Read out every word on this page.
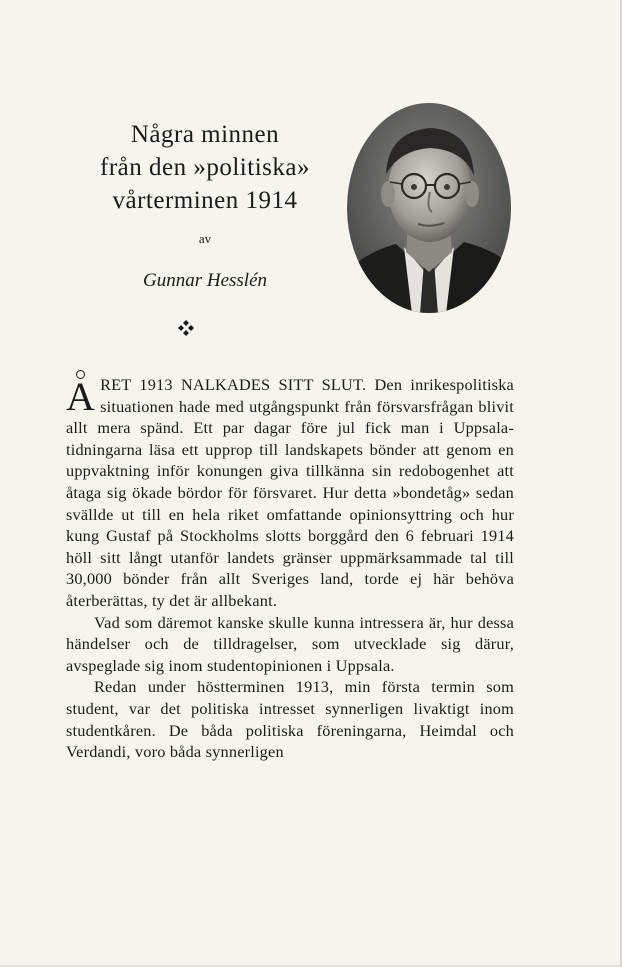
Några minnen
från den »politiska»
vårterminen 1914
av
Gunnar Hesslén

ARET 1913 NALKADES SITT SLUT. Den inrikespolitiska situationen hade med utgångspunkt från försvarsfrågan blivit allt mera spänd. Ett par dagar före jul fick man i Uppsala-tidningarna läsa ett upprop till landskapets bönder att genom en uppvaktning inför konungen giva tillkänna sin redobogenhet att åtaga sig ökade bördor för försvaret. Hur detta »bondetåg» sedan svällde ut till en hela riket omfattande opinionsyttring och hur kung Gustaf på Stockholms slotts borggård den 6 februari 1914 höll sitt långt utanför landets gränser uppmärksammade tal till 30,000 bönder från allt Sveriges land, torde ej här behöva återberättas, ty det är allbekant.

Vad som däremot kanske skulle kunna intressera är, hur dessa händelser och de tilldragelser, som utvecklade sig därur, avspeglade sig inom studentopinionen i Uppsala.

Redan under höstterminen 1913, min första termin som student, var det politiska intresset synnerligen livaktigt inom studentkåren. De båda politiska föreningarna, Heimdal och Verdandi, voro båda synnerligen
